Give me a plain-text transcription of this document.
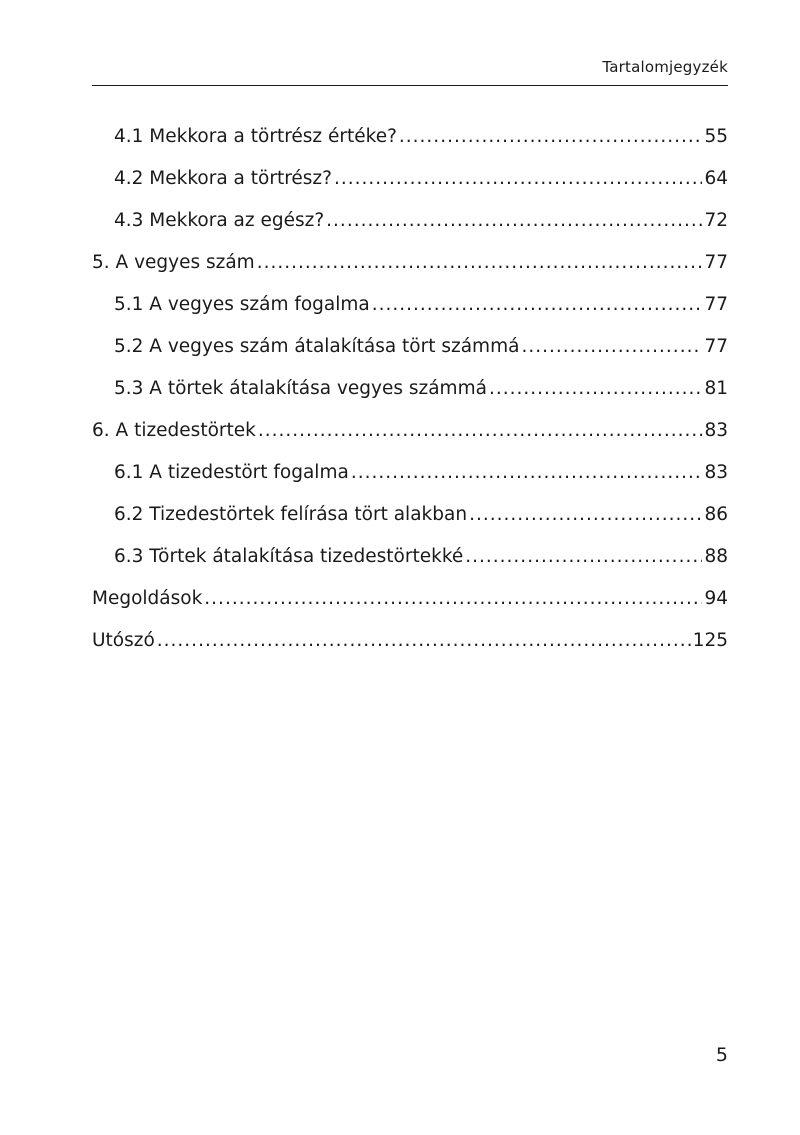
Tartalomjegyzék
4.1 Mekkora a törtrész értéke? .....	55
4.2 Mekkora a törtrész? .....	64
4.3 Mekkora az egész? .....	72
5. A vegyes szám .....	77
5.1 A vegyes szám fogalma .....	77
5.2 A vegyes szám átalakítása tört számmá .....	77
5.3 A törtek átalakítása vegyes számmá .....	81
6. A tizedestörtek .....	83
6.1 A tizedestört fogalma .....	83
6.2 Tizedestörtek felírása tört alakban .....	86
6.3 Törtek átalakítása tizedestörtekké .....	88
Megoldások .....	94
Utószó .....	125
5
